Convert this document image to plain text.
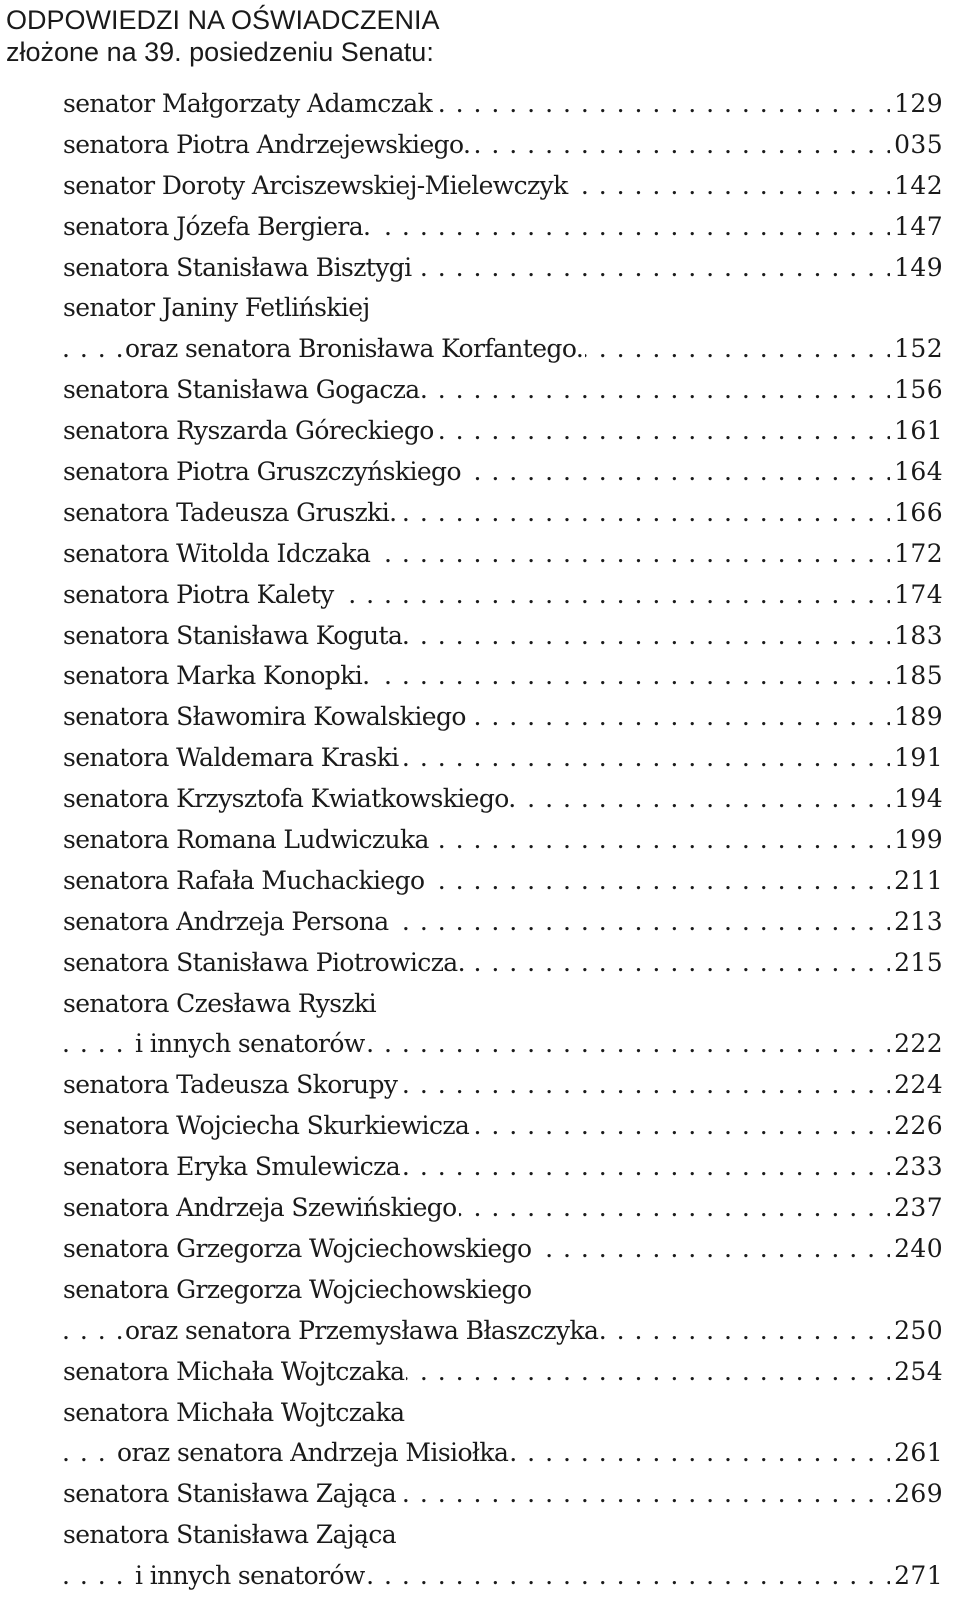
ODPOWIEDZI NA OŚWIADCZENIA
złożone na 39. posiedzeniu Senatu:
senator Małgorzaty Adamczak . . .	129
senatora Piotra Andrzejewskiego. . . .	035
senator Doroty Arciszewskiej-Mielewczyk . . .	142
senatora Józefa Bergiera. . . .	147
senatora Stanisława Bisztygi . . .	149
senator Janiny Fetlińskiej
oraz senatora Bronisława Korfantego. . . .	152
senatora Stanisława Gogacza . . .	156
senatora Ryszarda Góreckiego . . .	161
senatora Piotra Gruszczyńskiego . . .	164
senatora Tadeusza Gruszki. . . .	166
senatora Witolda Idczaka . . .	172
senatora Piotra Kalety . . .	174
senatora Stanisława Koguta . . .	183
senatora Marka Konopki. . . .	185
senatora Sławomira Kowalskiego . . .	189
senatora Waldemara Kraski . . .	191
senatora Krzysztofa Kwiatkowskiego. . . .	194
senatora Romana Ludwiczuka . . .	199
senatora Rafała Muchackiego . . .	211
senatora Andrzeja Persona . . .	213
senatora Stanisława Piotrowicza. . . .	215
senatora Czesława Ryszki
i innych senatorów . . .	222
senatora Tadeusza Skorupy . . .	224
senatora Wojciecha Skurkiewicza . . .	226
senatora Eryka Smulewicza . . .	233
senatora Andrzeja Szewińskiego . . .	237
senatora Grzegorza Wojciechowskiego . . .	240
senatora Grzegorza Wojciechowskiego
oraz senatora Przemysława Błaszczyka . . .	250
senatora Michała Wojtczaka . . .	254
senatora Michała Wojtczaka
oraz senatora Andrzeja Misiołka . . .	261
senatora Stanisława Zająca . . .	269
senatora Stanisława Zająca
i innych senatorów . . .	271
